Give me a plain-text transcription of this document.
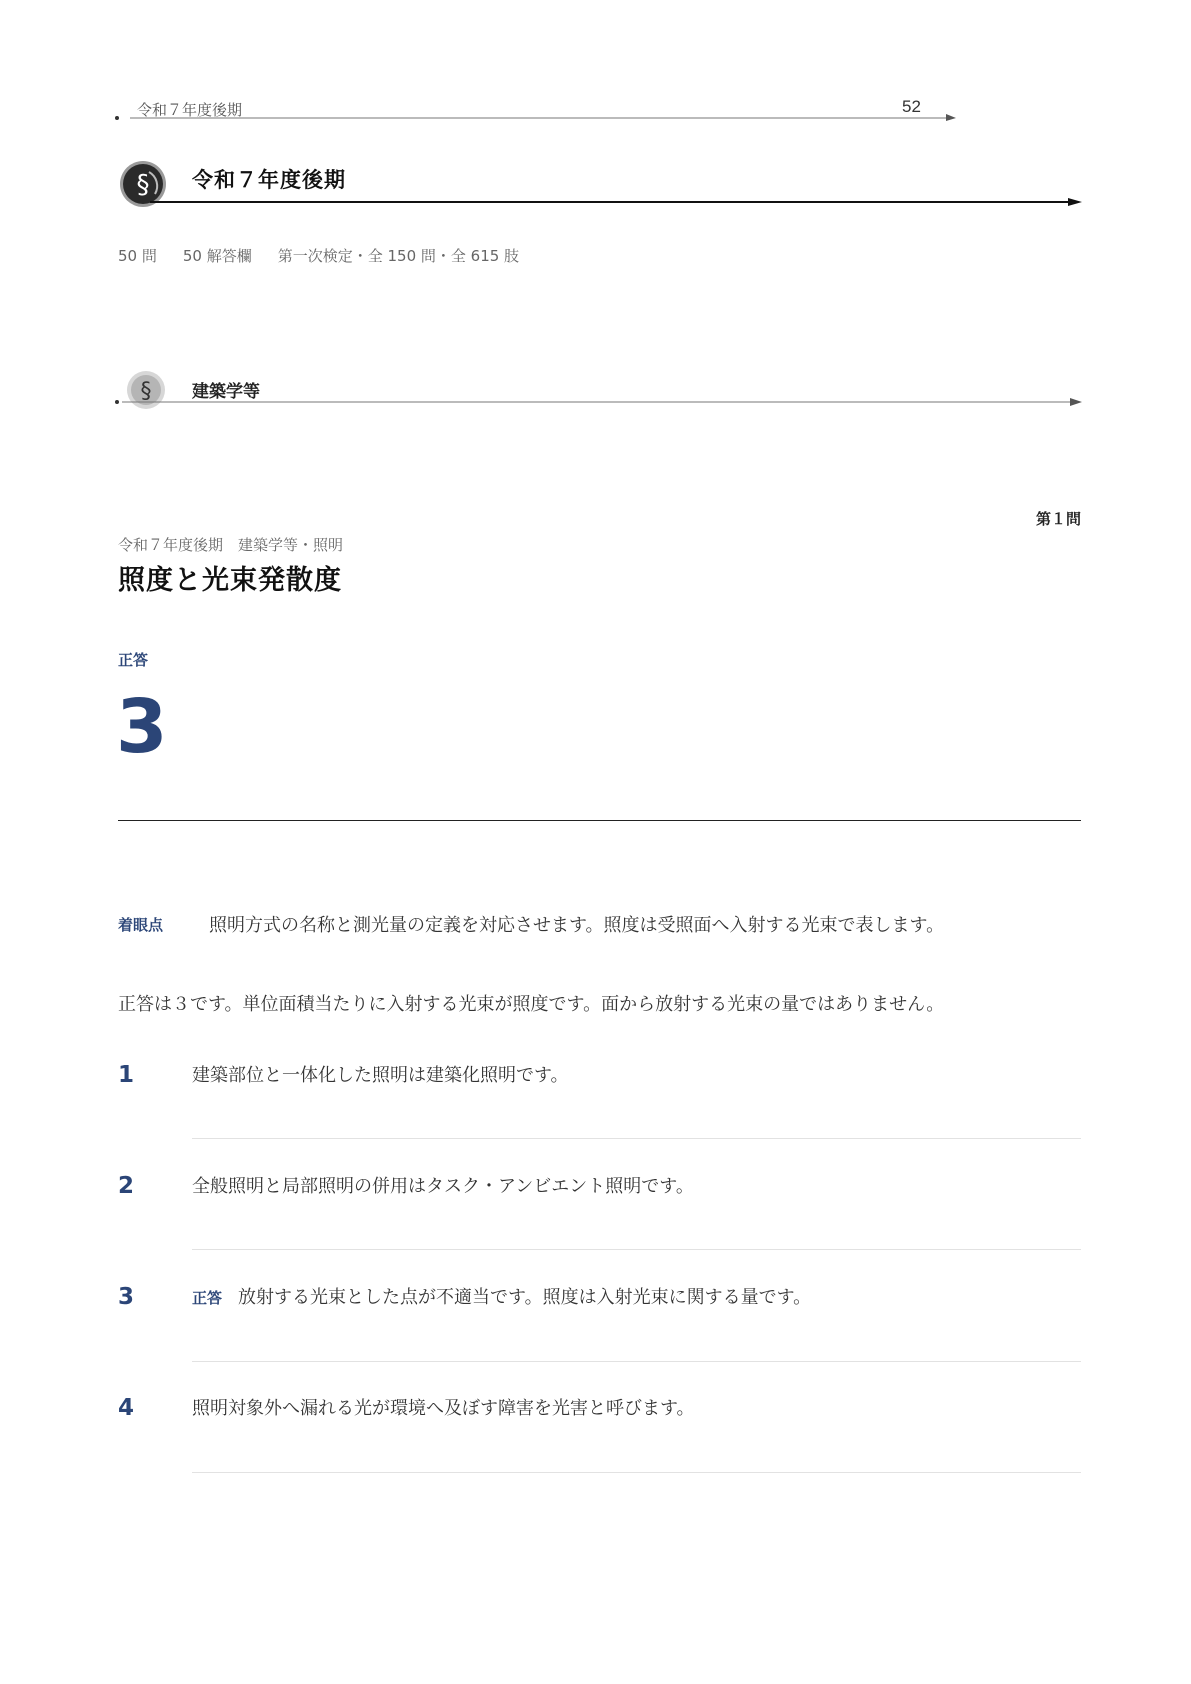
令和７年度後期	52
§ 令和７年度後期
50 問 50 解答欄 第一次検定・全 150 問・全 615 肢
§ 建築学等
第１問
令和７年度後期　建築学等・照明
照度と光束発散度
正答
3
着眼点	照明方式の名称と測光量の定義を対応させます。照度は受照面へ入射する光束で表します。
正答は３です。単位面積当たりに入射する光束が照度です。面から放射する光束の量ではありません。
1	建築部位と一体化した照明は建築化照明です。
2	全般照明と局部照明の併用はタスク・アンビエント照明です。
3	正答 放射する光束とした点が不適当です。照度は入射光束に関する量です。
4	照明対象外へ漏れる光が環境へ及ぼす障害を光害と呼びます。
